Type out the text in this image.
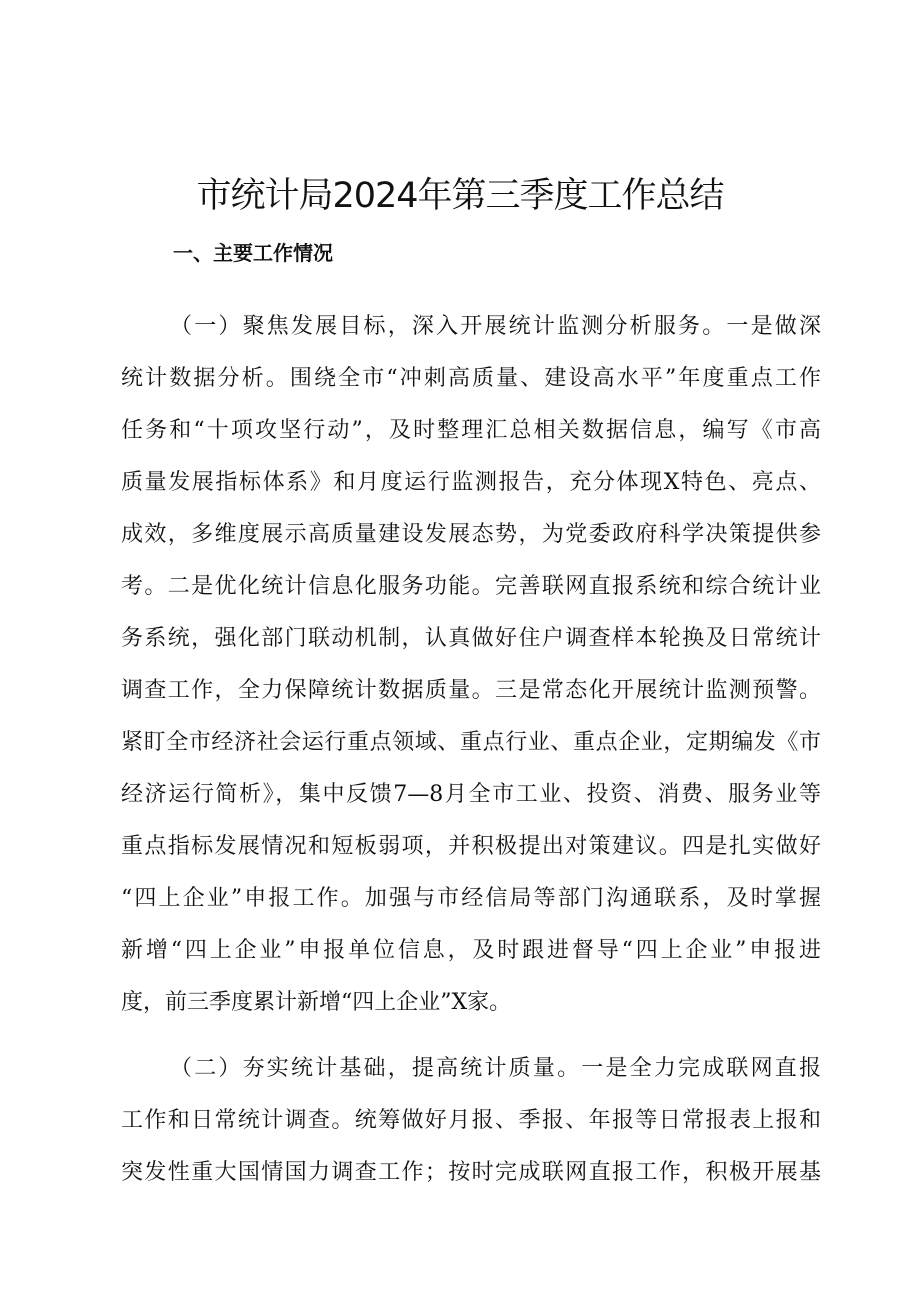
市统计局2024年第三季度工作总结
一、主要工作情况

（一）聚焦发展目标，深入开展统计监测分析服务。一是做深

统计数据分析。围绕全市“冲刺高质量、建设高水平”年度重点工作

任务和“十项攻坚行动”，及时整理汇总相关数据信息，编写《市高

质量发展指标体系》和月度运行监测报告，充分体现X特色、亮点、

成效，多维度展示高质量建设发展态势，为党委政府科学决策提供参

考。二是优化统计信息化服务功能。完善联网直报系统和综合统计业

务系统，强化部门联动机制，认真做好住户调查样本轮换及日常统计

调查工作，全力保障统计数据质量。三是常态化开展统计监测预警。

紧盯全市经济社会运行重点领域、重点行业、重点企业，定期编发《市

经济运行简析》，集中反馈7—8月全市工业、投资、消费、服务业等

重点指标发展情况和短板弱项，并积极提出对策建议。四是扎实做好

“四上企业”申报工作。加强与市经信局等部门沟通联系，及时掌握

新增“四上企业”申报单位信息，及时跟进督导“四上企业”申报进

度，前三季度累计新增“四上企业”X家。

（二）夯实统计基础，提高统计质量。一是全力完成联网直报

工作和日常统计调查。统筹做好月报、季报、年报等日常报表上报和

突发性重大国情国力调查工作；按时完成联网直报工作，积极开展基
